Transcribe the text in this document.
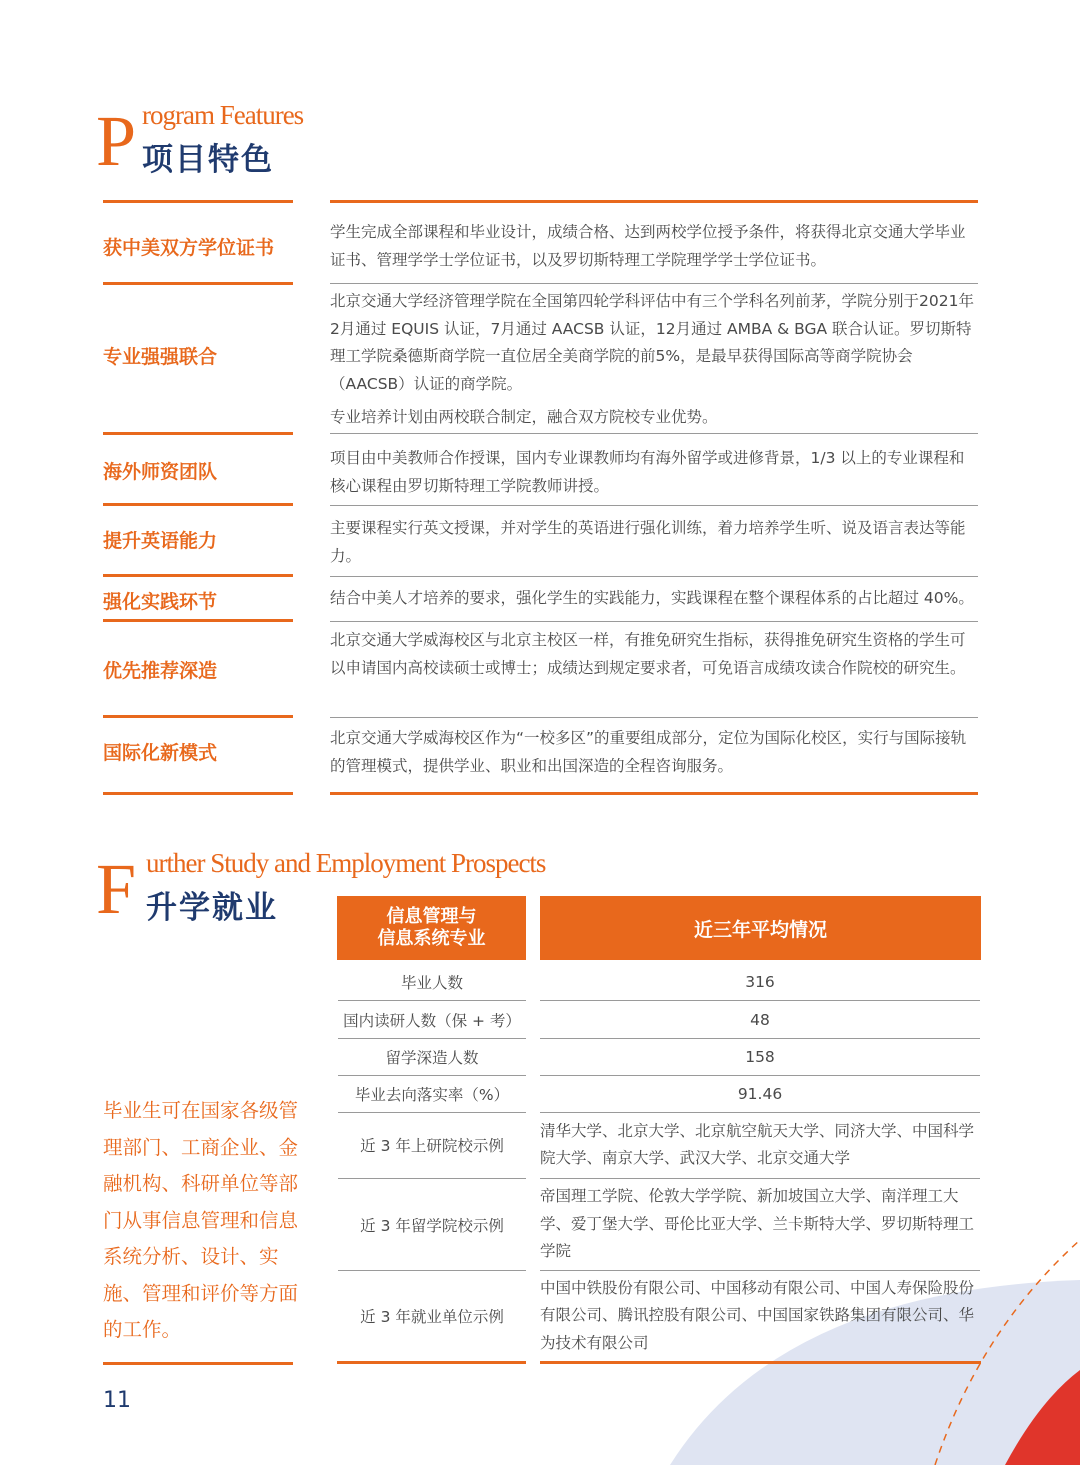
P rogram Features
项目特色
获中美双方学位证书

学生完成全部课程和毕业设计，成绩合格、达到两校学位授予条件，将获得北京交通大学毕业证书、管理学学士学位证书，以及罗切斯特理工学院理学学士学位证书。

专业强强联合

北京交通大学经济管理学院在全国第四轮学科评估中有三个学科名列前茅，学院分别于2021年2月通过 EQUIS 认证，7月通过 AACSB 认证，12月通过 AMBA & BGA 联合认证。罗切斯特理工学院桑德斯商学院一直位居全美商学院的前5%，是最早获得国际高等商学院协会（AACSB）认证的商学院。

专业培养计划由两校联合制定，融合双方院校专业优势。

海外师资团队

项目由中美教师合作授课，国内专业课教师均有海外留学或进修背景，1/3 以上的专业课程和核心课程由罗切斯特理工学院教师讲授。

提升英语能力

主要课程实行英文授课，并对学生的英语进行强化训练，着力培养学生听、说及语言表达等能力。

强化实践环节	结合中美人才培养的要求，强化学生的实践能力，实践课程在整个课程体系的占比超过 40%。

优先推荐深造

北京交通大学威海校区与北京主校区一样，有推免研究生指标，获得推免研究生资格的学生可以申请国内高校读硕士或博士；成绩达到规定要求者，可免语言成绩攻读合作院校的研究生。

国际化新模式

北京交通大学威海校区作为“一校多区”的重要组成部分，定位为国际化校区，实行与国际接轨的管理模式，提供学业、职业和出国深造的全程咨询服务。

F urther Study and Employment Prospects
升学就业	信息管理与
信息系统专业	近三年平均情况
毕业人数	316
国内读研人数（保 + 考）	48
留学深造人数	158
毕业去向落实率（%）	91.46
近 3 年上研院校示例
清华大学、北京大学、北京航空航天大学、同济大学、中国科学院大学、南京大学、武汉大学、北京交通大学
近 3 年留学院校示例
帝国理工学院、伦敦大学学院、新加坡国立大学、南洋理工大学、爱丁堡大学、哥伦比亚大学、兰卡斯特大学、罗切斯特理工学院
近 3 年就业单位示例
中国中铁股份有限公司、中国移动有限公司、中国人寿保险股份有限公司、腾讯控股有限公司、中国国家铁路集团有限公司、华为技术有限公司
毕业生可在国家各级管理部门、工商企业、金融机构、科研单位等部门从事信息管理和信息系统分析、设计、实施、管理和评价等方面的工作。
11
